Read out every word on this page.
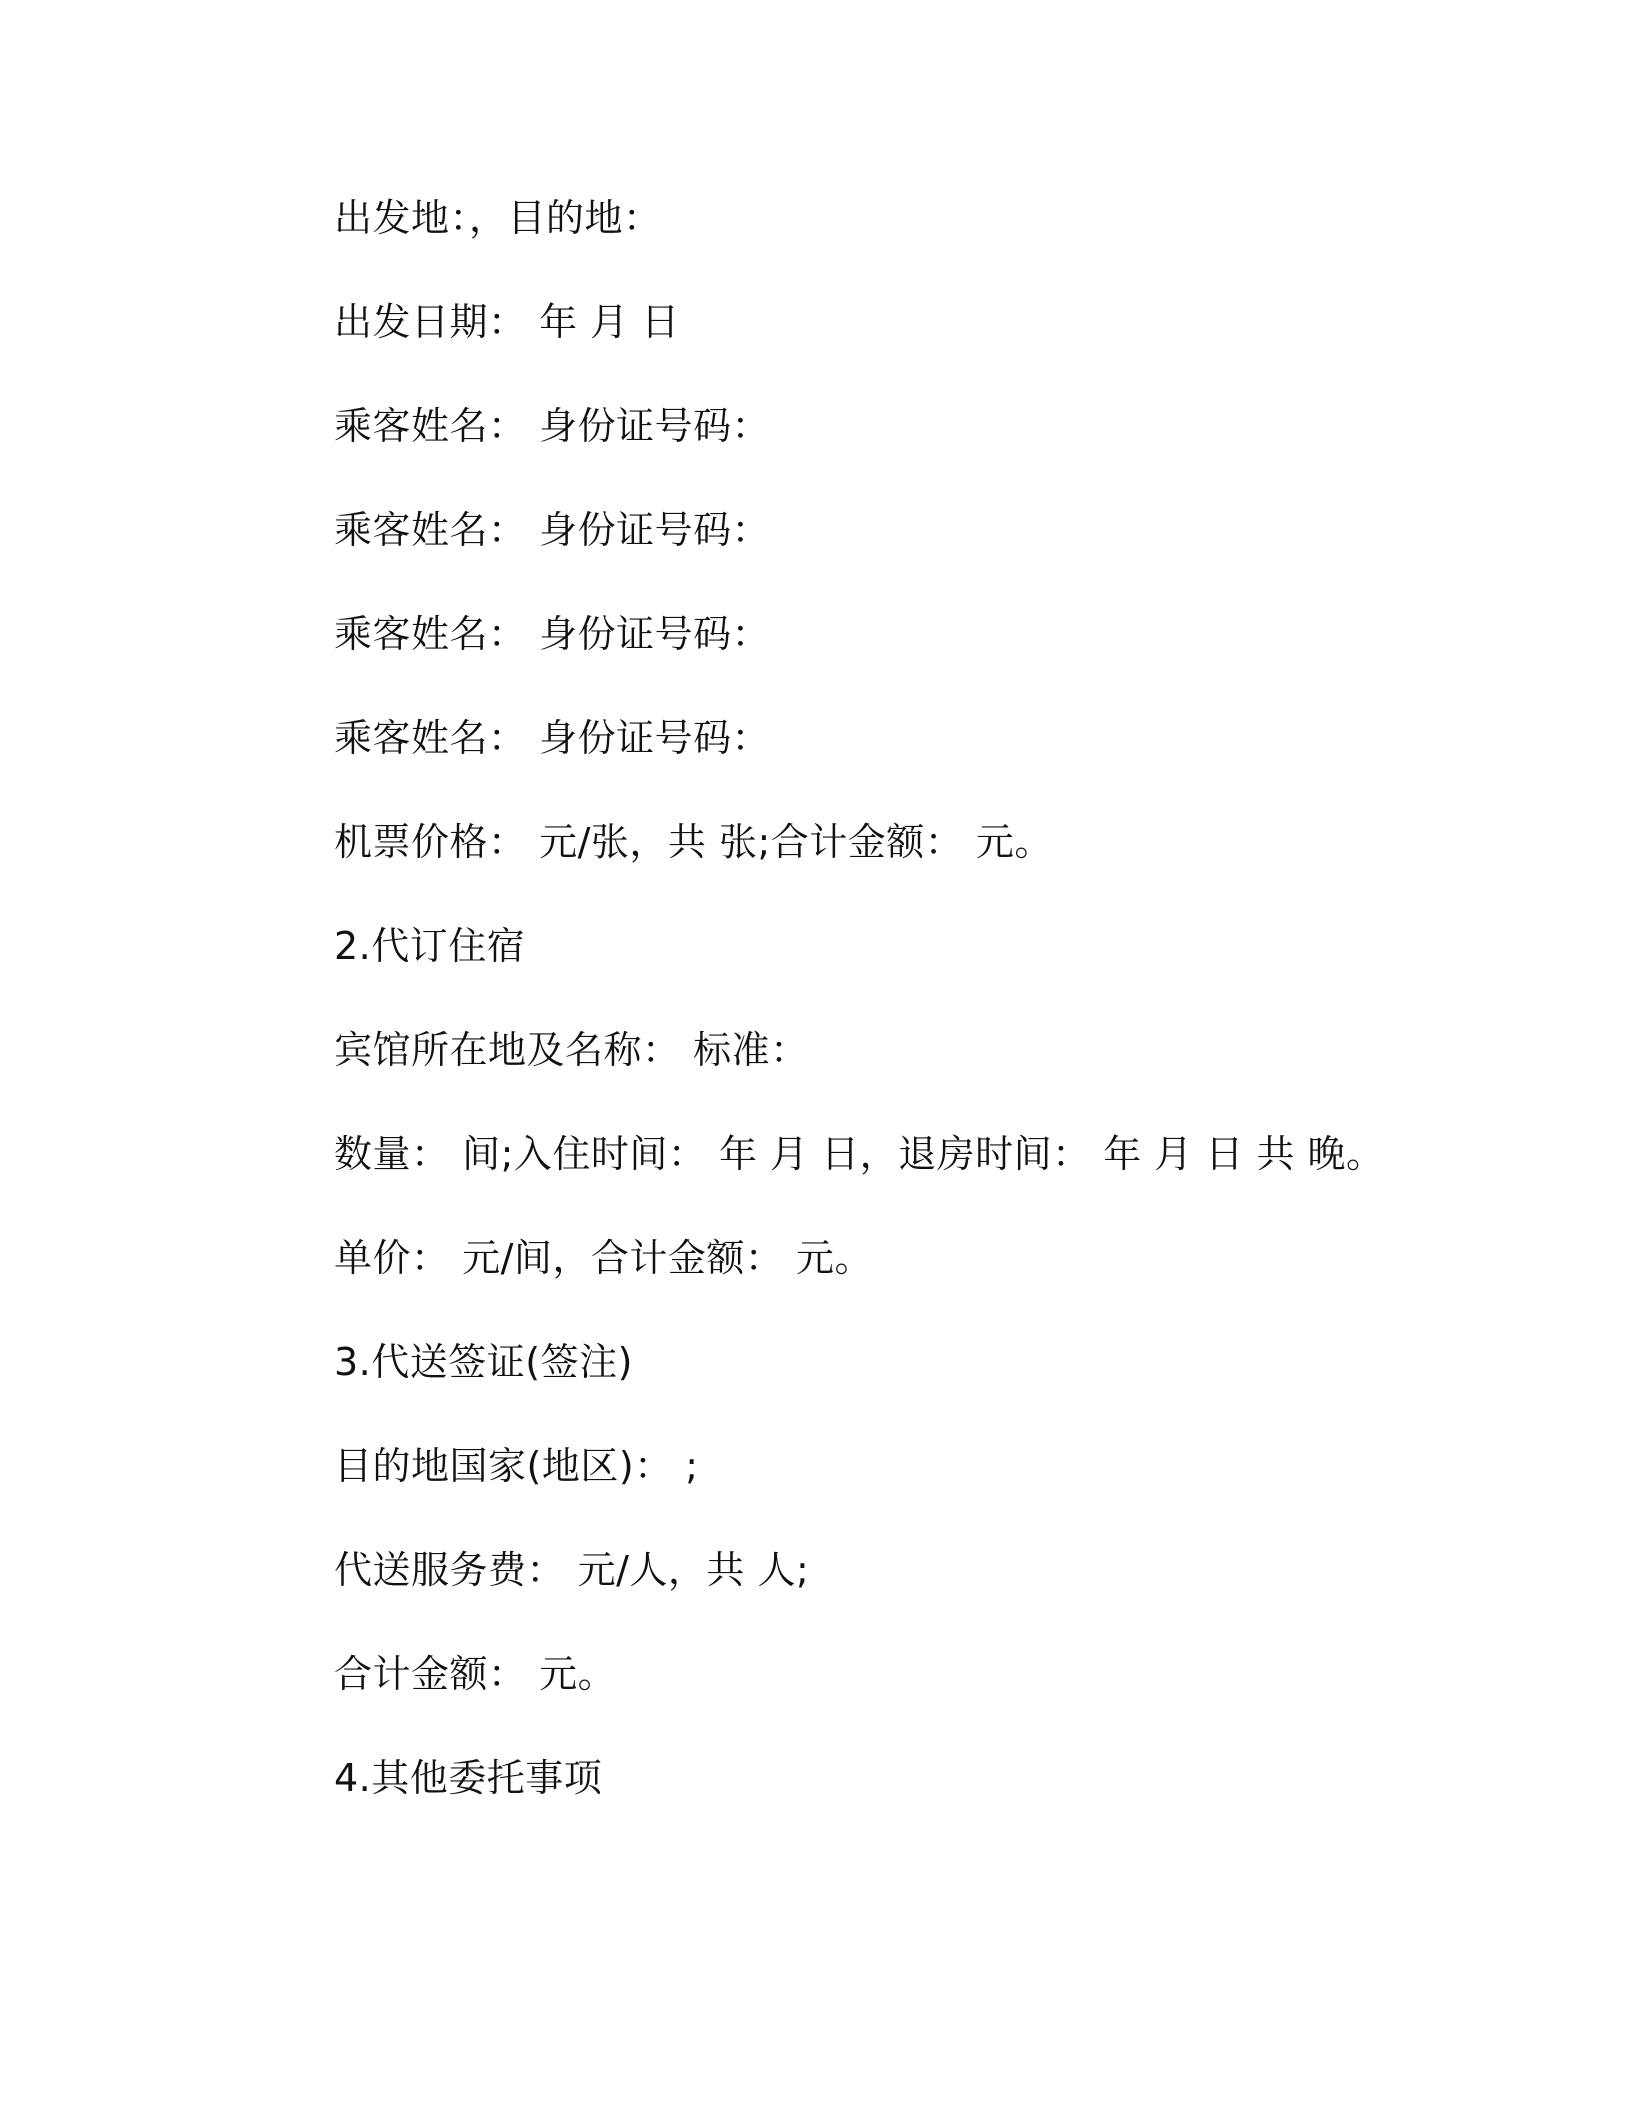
出发地：，目的地：
出发日期： 年 月 日
乘客姓名： 身份证号码：
乘客姓名： 身份证号码：
乘客姓名： 身份证号码：
乘客姓名： 身份证号码：
机票价格： 元/张，共 张;合计金额： 元。
2.代订住宿
宾馆所在地及名称： 标准：
数量： 间;入住时间： 年 月 日，退房时间： 年 月 日 共 晚。
单价： 元/间，合计金额： 元。
3.代送签证(签注)
目的地国家(地区)： ;
代送服务费： 元/人，共 人;
合计金额： 元。
4.其他委托事项
